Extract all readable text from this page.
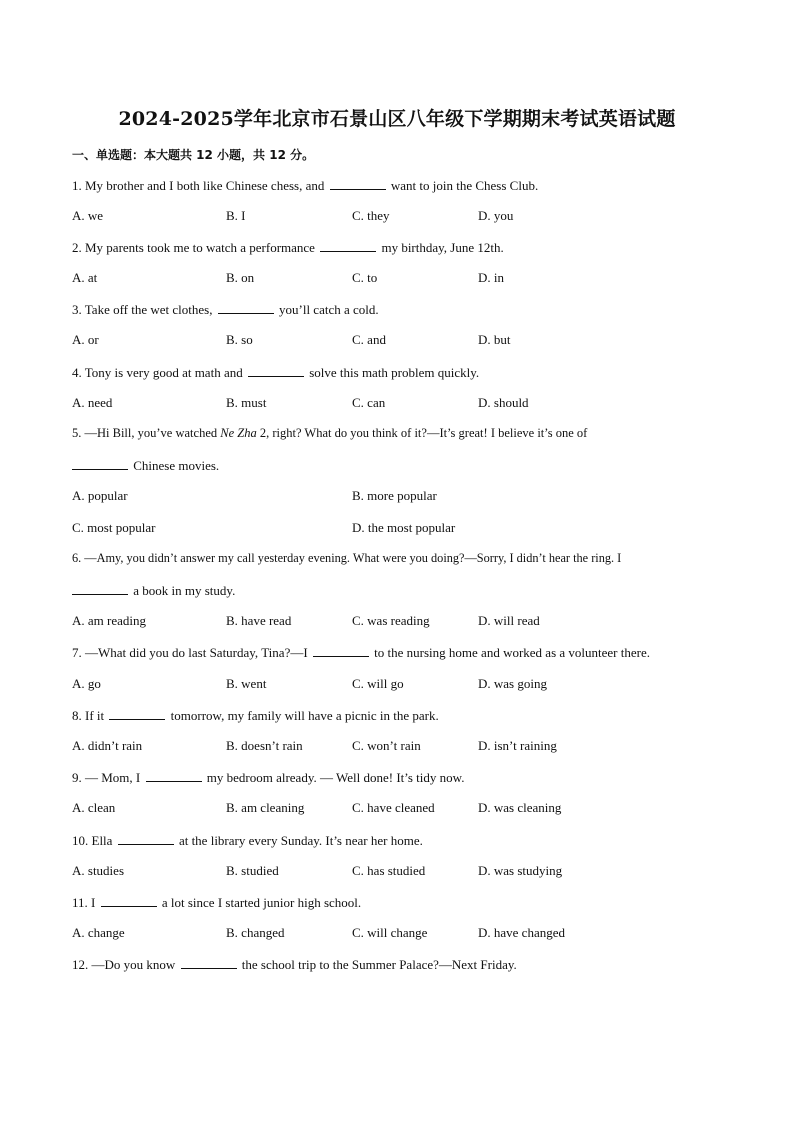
2024-2025学年北京市石景山区八年级下学期期末考试英语试题
一、单选题：本大题共 12 小题，共 12 分。
1. My brother and I both like Chinese chess, and	want to join the Chess Club.
A. we	B. I	C. they	D. you
2. My parents took me to watch a performance	my birthday, June 12th.
A. at	B. on	C. to	D. in
3. Take off the wet clothes,	you’ll catch a cold.
A. or	B. so	C. and	D. but
4. Tony is very good at math and	solve this math problem quickly.
A. need	B. must	C. can	D. should
5. —Hi Bill, you’ve watched Ne Zha 2, right? What do you think of it?—It’s great! I believe it’s one of
Chinese movies.
A. popular	B. more popular
C. most popular	D. the most popular
6. —Amy, you didn’t answer my call yesterday evening. What were you doing?—Sorry, I didn’t hear the ring. I
a book in my study.
A. am reading	B. have read	C. was reading	D. will read
7. —What did you do last Saturday, Tina?—I	to the nursing home and worked as a volunteer there.
A. go	B. went	C. will go	D. was going
8. If it	tomorrow, my family will have a picnic in the park.
A. didn’t rain	B. doesn’t rain	C. won’t rain	D. isn’t raining
9. — Mom, I	my bedroom already. — Well done! It’s tidy now.
A. clean	B. am cleaning	C. have cleaned	D. was cleaning
10. Ella	at the library every Sunday. It’s near her home.
A. studies	B. studied	C. has studied	D. was studying
11. I	a lot since I started junior high school.
A. change	B. changed	C. will change	D. have changed
12. —Do you know	the school trip to the Summer Palace?—Next Friday.
